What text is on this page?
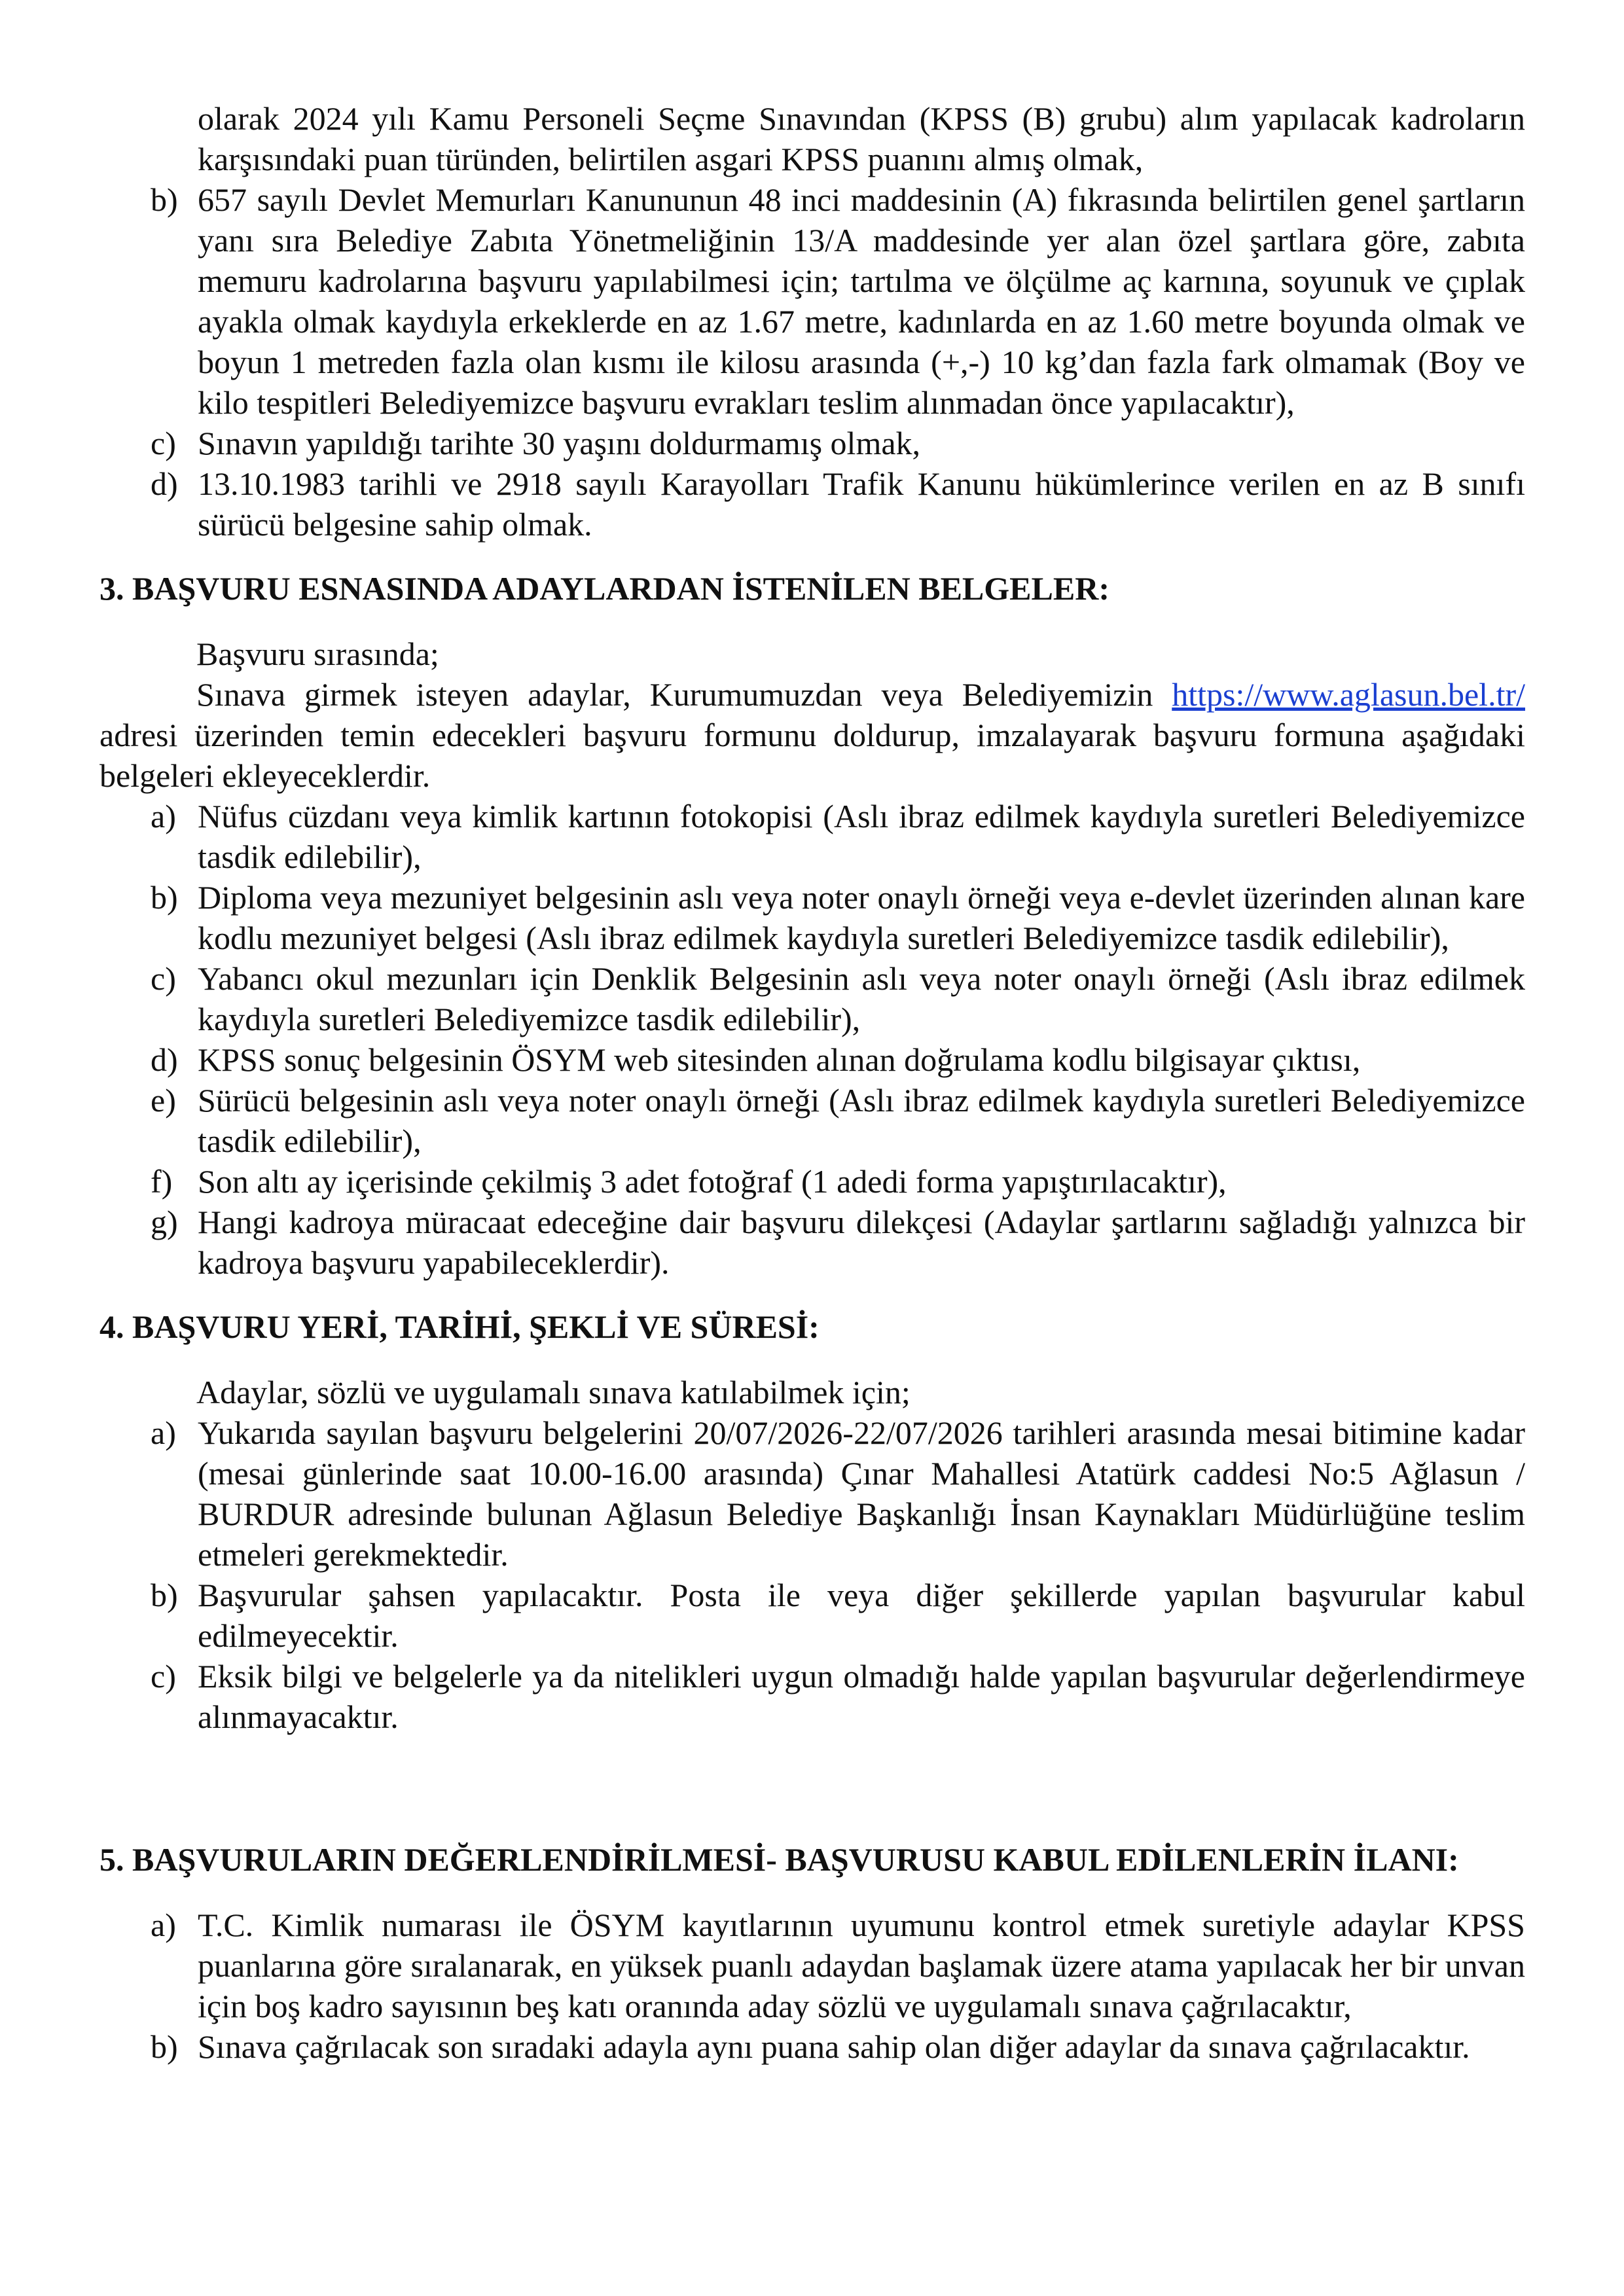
olarak 2024 yılı Kamu Personeli Seçme Sınavından (KPSS (B) grubu) alım yapılacak kadroların karşısındaki puan türünden, belirtilen asgari KPSS puanını almış olmak,
b) 657 sayılı Devlet Memurları Kanununun 48 inci maddesinin (A) fıkrasında belirtilen genel şartların yanı sıra Belediye Zabıta Yönetmeliğinin 13/A maddesinde yer alan özel şartlara göre, zabıta memuru kadrolarına başvuru yapılabilmesi için; tartılma ve ölçülme aç karnına, soyunuk ve çıplak ayakla olmak kaydıyla erkeklerde en az 1.67 metre, kadınlarda en az 1.60 metre boyunda olmak ve boyun 1 metreden fazla olan kısmı ile kilosu arasında (+,-) 10 kg’dan fazla fark olmamak (Boy ve kilo tespitleri Belediyemizce başvuru evrakları teslim alınmadan önce yapılacaktır),
c) Sınavın yapıldığı tarihte 30 yaşını doldurmamış olmak,
d) 13.10.1983 tarihli ve 2918 sayılı Karayolları Trafik Kanunu hükümlerince verilen en az B sınıfı sürücü belgesine sahip olmak.
3. BAŞVURU ESNASINDA ADAYLARDAN İSTENİLEN BELGELER:
Başvuru sırasında;
Sınava girmek isteyen adaylar, Kurumumuzdan veya Belediyemizin https://www.aglasun.bel.tr/ adresi üzerinden temin edecekleri başvuru formunu doldurup, imzalayarak başvuru formuna aşağıdaki belgeleri ekleyeceklerdir.
a) Nüfus cüzdanı veya kimlik kartının fotokopisi (Aslı ibraz edilmek kaydıyla suretleri Belediyemizce tasdik edilebilir),
b) Diploma veya mezuniyet belgesinin aslı veya noter onaylı örneği veya e-devlet üzerinden alınan kare kodlu mezuniyet belgesi (Aslı ibraz edilmek kaydıyla suretleri Belediyemizce tasdik edilebilir),
c) Yabancı okul mezunları için Denklik Belgesinin aslı veya noter onaylı örneği (Aslı ibraz edilmek kaydıyla suretleri Belediyemizce tasdik edilebilir),
d) KPSS sonuç belgesinin ÖSYM web sitesinden alınan doğrulama kodlu bilgisayar çıktısı,
e) Sürücü belgesinin aslı veya noter onaylı örneği (Aslı ibraz edilmek kaydıyla suretleri Belediyemizce tasdik edilebilir),
f) Son altı ay içerisinde çekilmiş 3 adet fotoğraf (1 adedi forma yapıştırılacaktır),
g) Hangi kadroya müracaat edeceğine dair başvuru dilekçesi (Adaylar şartlarını sağladığı yalnızca bir kadroya başvuru yapabileceklerdir).
4. BAŞVURU YERİ, TARİHİ, ŞEKLİ VE SÜRESİ:
Adaylar, sözlü ve uygulamalı sınava katılabilmek için;
a) Yukarıda sayılan başvuru belgelerini 20/07/2026-22/07/2026 tarihleri arasında mesai bitimine kadar (mesai günlerinde saat 10.00-16.00 arasında) Çınar Mahallesi Atatürk caddesi No:5 Ağlasun / BURDUR adresinde bulunan Ağlasun Belediye Başkanlığı İnsan Kaynakları Müdürlüğüne teslim etmeleri gerekmektedir.
b) Başvurular şahsen yapılacaktır. Posta ile veya diğer şekillerde yapılan başvurular kabul edilmeyecektir.
c) Eksik bilgi ve belgelerle ya da nitelikleri uygun olmadığı halde yapılan başvurular değerlendirmeye alınmayacaktır.
5. BAŞVURULARIN DEĞERLENDİRİLMESİ- BAŞVURUSU KABUL EDİLENLERİN İLANI:
a) T.C. Kimlik numarası ile ÖSYM kayıtlarının uyumunu kontrol etmek suretiyle adaylar KPSS puanlarına göre sıralanarak, en yüksek puanlı adaydan başlamak üzere atama yapılacak her bir unvan için boş kadro sayısının beş katı oranında aday sözlü ve uygulamalı sınava çağrılacaktır,
b) Sınava çağrılacak son sıradaki adayla aynı puana sahip olan diğer adaylar da sınava çağrılacaktır.
